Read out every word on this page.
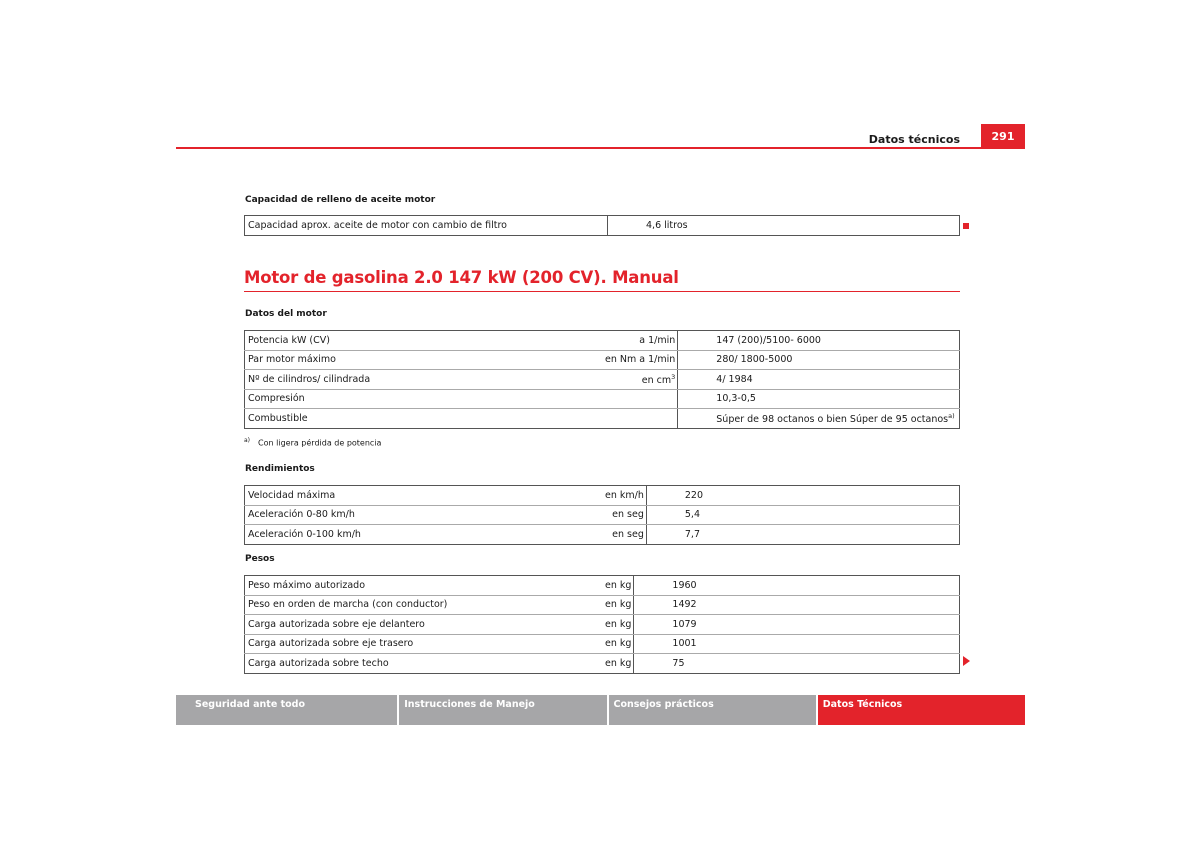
Datos técnicos	291
Capacidad de relleno de aceite motor
Capacidad aprox. aceite de motor con cambio de filtro		4,6 litros
Motor de gasolina 2.0 147 kW (200 CV). Manual
Datos del motor
Potencia kW (CV)	a 1/min	147 (200)/5100- 6000
Par motor máximo	en Nm a 1/min	280/ 1800-5000
Nº de cilindros/ cilindrada	en $cm^3$	4/ 1984
Compresión		10,3-0,5
Combustible		Súper de 98 octanos o bien Súper de 95 octanos$^{a)}$
$^{a)}$ Con ligera pérdida de potencia
Rendimientos
Velocidad máxima	en km/h	220
Aceleración 0-80 km/h	en seg	5,4
Aceleración 0-100 km/h	en seg	7,7
Pesos
Peso máximo autorizado	en kg	1960
Peso en orden de marcha (con conductor)	en kg	1492
Carga autorizada sobre eje delantero	en kg	1079
Carga autorizada sobre eje trasero	en kg	1001
Carga autorizada sobre techo	en kg	75
Seguridad ante todo	Instrucciones de Manejo	Consejos prácticos	Datos Técnicos
